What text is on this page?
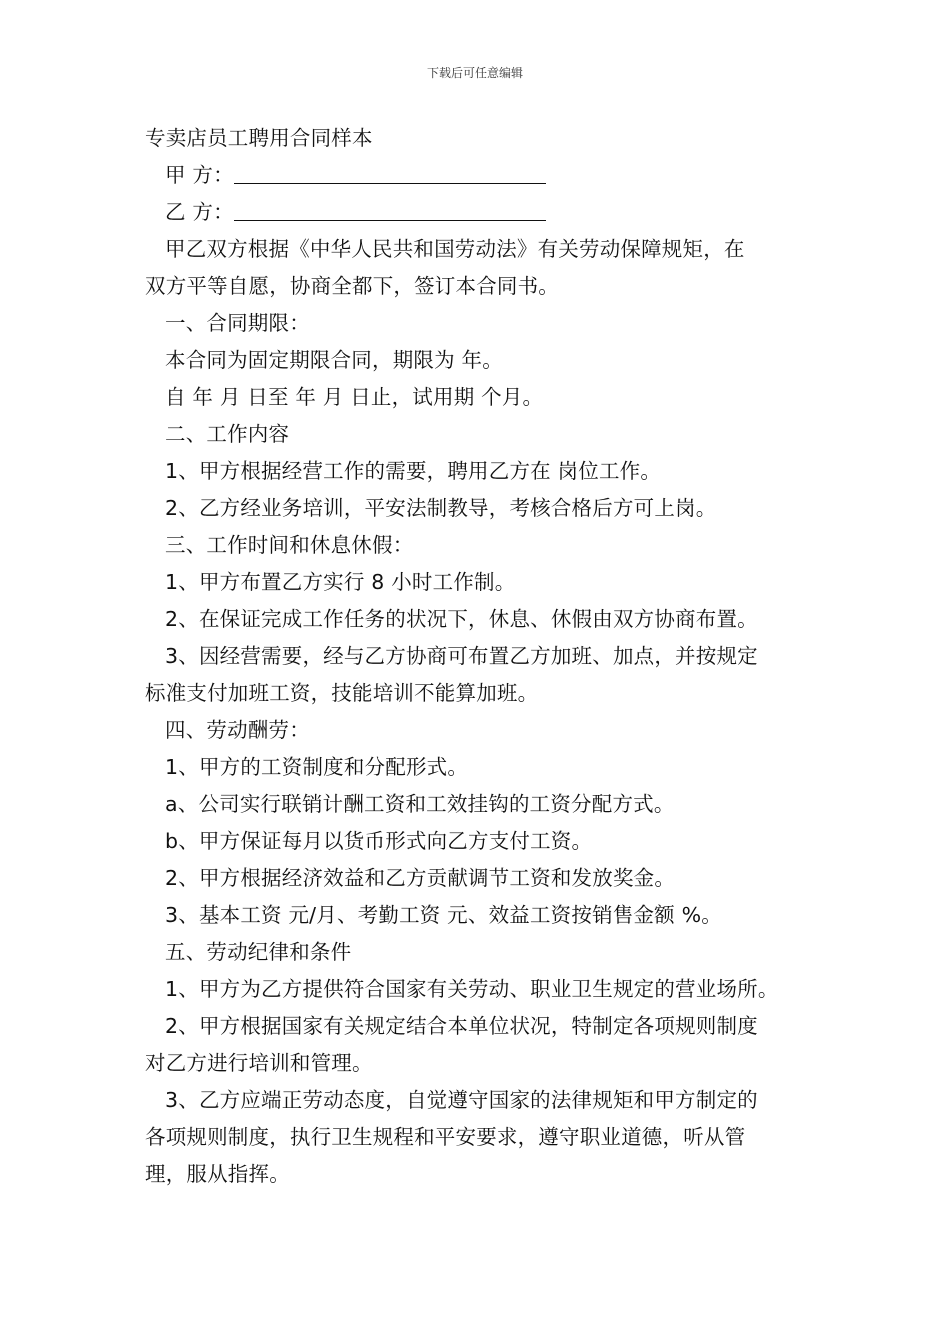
下载后可任意编辑
专卖店员工聘用合同样本
甲 方：
乙 方：
甲乙双方根据《中华人民共和国劳动法》有关劳动保障规矩，在
双方平等自愿，协商全都下，签订本合同书。
一、合同期限：
本合同为固定期限合同，期限为 年。
自 年 月 日至 年 月 日止，试用期 个月。
二、工作内容
1、甲方根据经营工作的需要，聘用乙方在 岗位工作。
2、乙方经业务培训，平安法制教导，考核合格后方可上岗。
三、工作时间和休息休假：
1、甲方布置乙方实行 8 小时工作制。
2、在保证完成工作任务的状况下，休息、休假由双方协商布置。
3、因经营需要，经与乙方协商可布置乙方加班、加点，并按规定
标准支付加班工资，技能培训不能算加班。
四、劳动酬劳：
1、甲方的工资制度和分配形式。
a、公司实行联销计酬工资和工效挂钩的工资分配方式。
b、甲方保证每月以货币形式向乙方支付工资。
2、甲方根据经济效益和乙方贡献调节工资和发放奖金。
3、基本工资 元/月、考勤工资 元、效益工资按销售金额 %。
五、劳动纪律和条件
1、甲方为乙方提供符合国家有关劳动、职业卫生规定的营业场所。
2、甲方根据国家有关规定结合本单位状况，特制定各项规则制度
对乙方进行培训和管理。
3、乙方应端正劳动态度，自觉遵守国家的法律规矩和甲方制定的
各项规则制度，执行卫生规程和平安要求，遵守职业道德，听从管
理，服从指挥。
